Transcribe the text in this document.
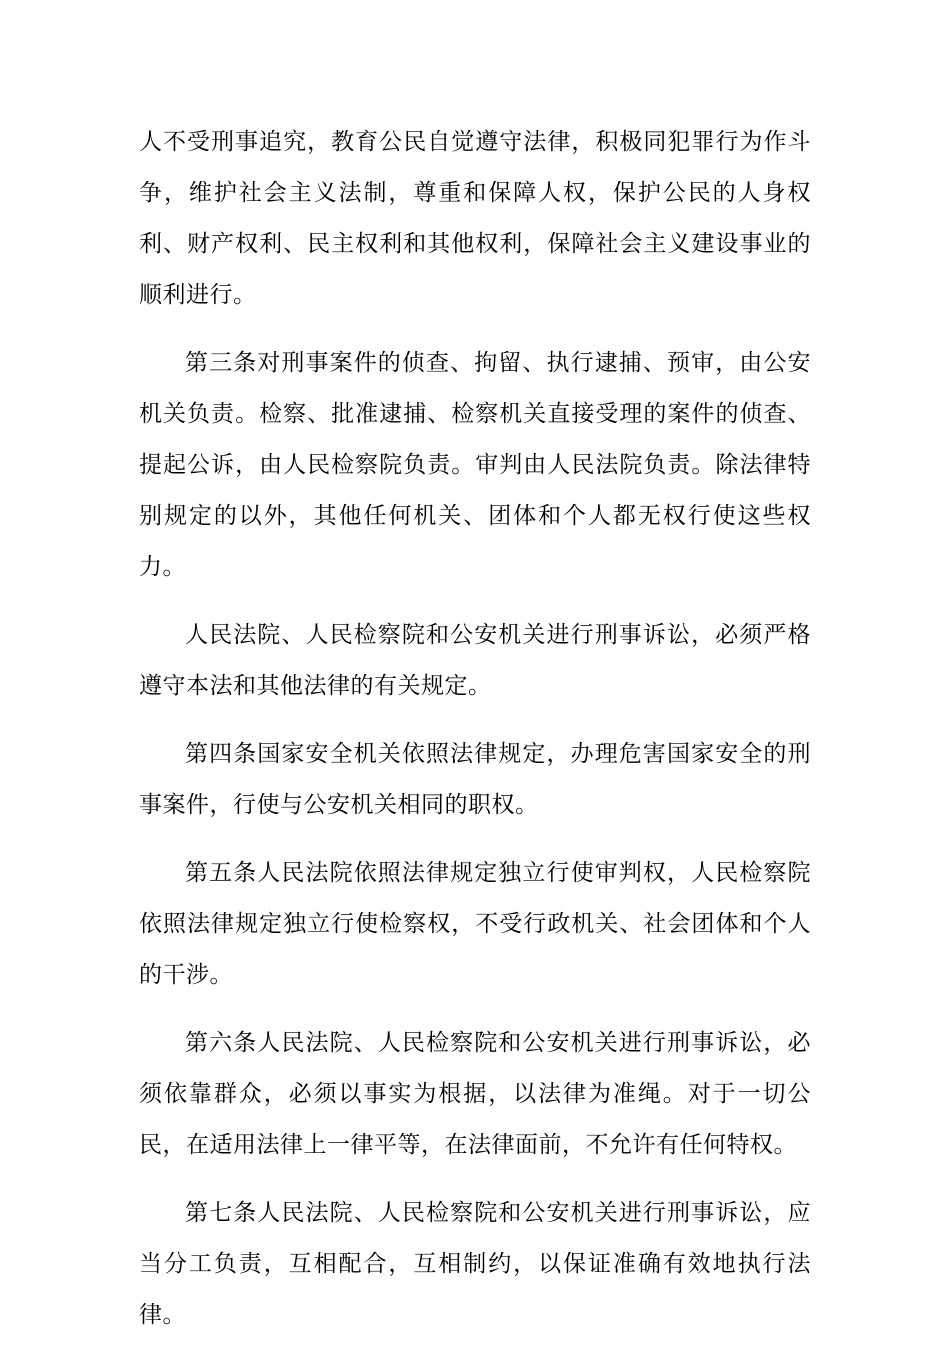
人不受刑事追究，教育公民自觉遵守法律，积极同犯罪行为作斗争，维护社会主义法制，尊重和保障人权，保护公民的人身权利、财产权利、民主权利和其他权利，保障社会主义建设事业的顺利进行。

第三条对刑事案件的侦查、拘留、执行逮捕、预审，由公安机关负责。检察、批准逮捕、检察机关直接受理的案件的侦查、提起公诉，由人民检察院负责。审判由人民法院负责。除法律特别规定的以外，其他任何机关、团体和个人都无权行使这些权力。

人民法院、人民检察院和公安机关进行刑事诉讼，必须严格遵守本法和其他法律的有关规定。

第四条国家安全机关依照法律规定，办理危害国家安全的刑事案件，行使与公安机关相同的职权。

第五条人民法院依照法律规定独立行使审判权，人民检察院依照法律规定独立行使检察权，不受行政机关、社会团体和个人的干涉。

第六条人民法院、人民检察院和公安机关进行刑事诉讼，必须依靠群众，必须以事实为根据，以法律为准绳。对于一切公民，在适用法律上一律平等，在法律面前，不允许有任何特权。

第七条人民法院、人民检察院和公安机关进行刑事诉讼，应当分工负责，互相配合，互相制约，以保证准确有效地执行法律。
